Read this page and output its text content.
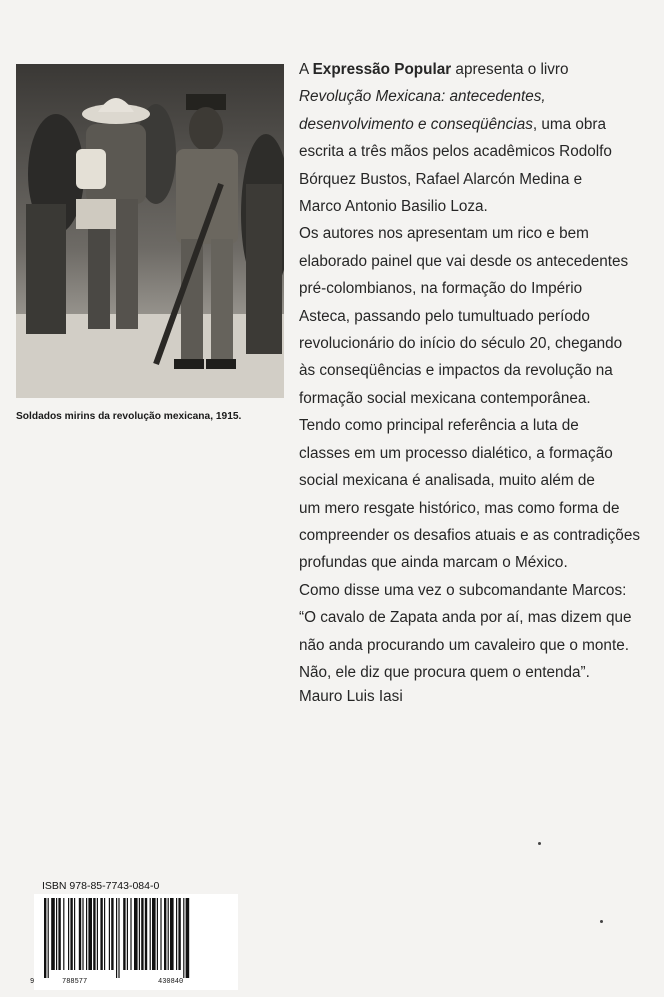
Soldados mirins da revolução mexicana, 1915.
A Expressão Popular apresenta o livro
Revolução Mexicana: antecedentes,
desenvolvimento e conseqüências, uma obra
escrita a três mãos pelos acadêmicos Rodolfo
Bórquez Bustos, Rafael Alarcón Medina e
Marco Antonio Basilio Loza.
Os autores nos apresentam um rico e bem
elaborado painel que vai desde os antecedentes
pré-colombianos, na formação do Império
Asteca, passando pelo tumultuado período
revolucionário do início do século 20, chegando
às conseqüências e impactos da revolução na
formação social mexicana contemporânea.
Tendo como principal referência a luta de
classes em um processo dialético, a formação
social mexicana é analisada, muito além de
um mero resgate histórico, mas como forma de
compreender os desafios atuais e as contradições
profundas que ainda marcam o México.
Como disse uma vez o subcomandante Marcos:
“O cavalo de Zapata anda por aí, mas dizem que
não anda procurando um cavaleiro que o monte.
Não, ele diz que procura quem o entenda”.
Mauro Luis Iasi
ISBN 978-85-7743-084-0
9	788577	430840
